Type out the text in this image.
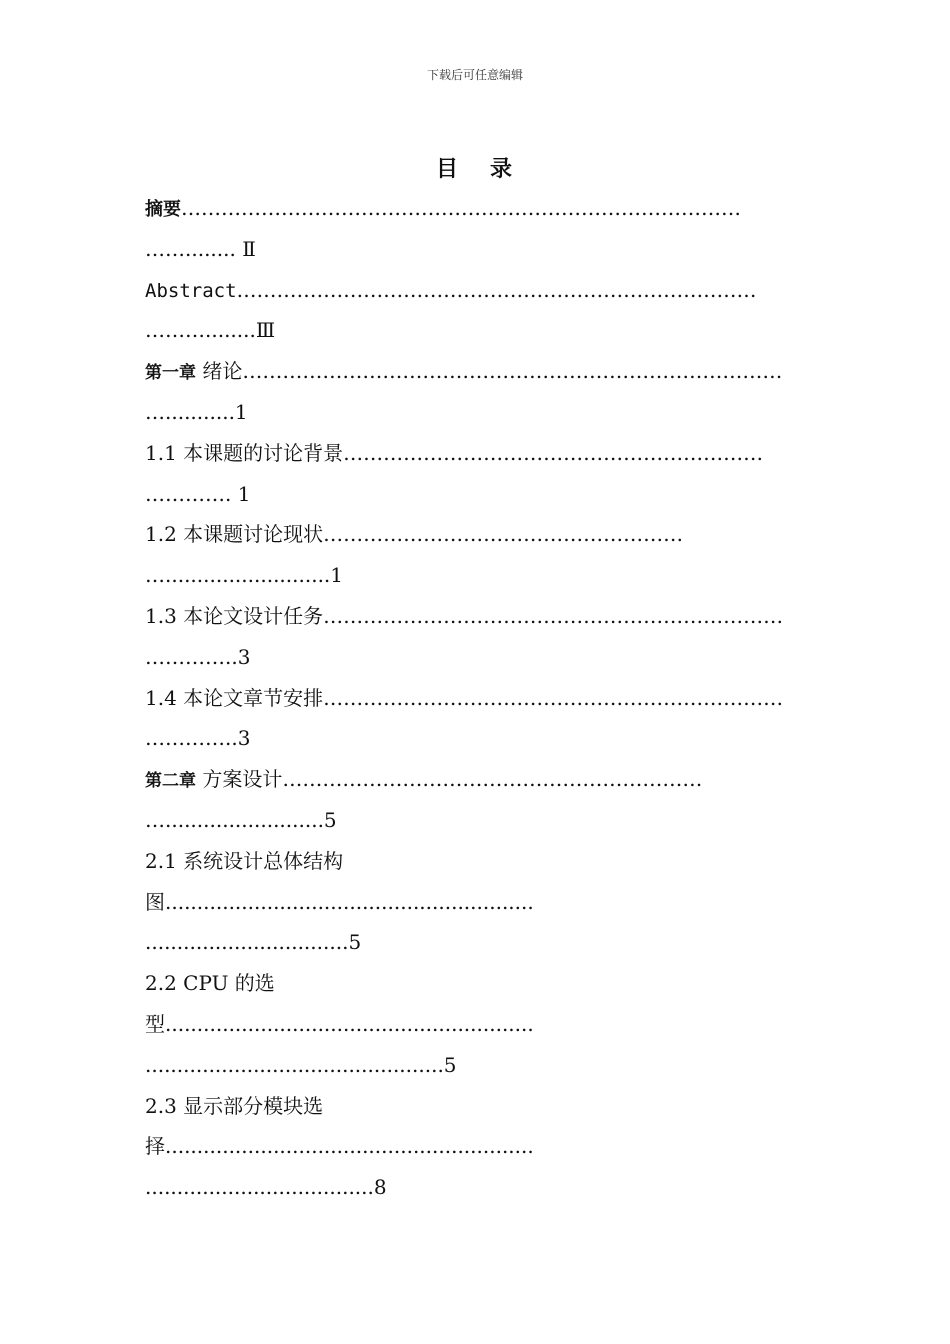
下载后可任意编辑
目 录
摘要…………………………………………………………………………
……........ Ⅱ
Abstract……………………………………………………………………
………........Ⅲ
第一章 绪论………………………………………………………………………
…...........1
1.1 本课题的讨论背景………………………………………………………
…………. 1
1.2 本课题讨论现状………………………………………………
…..........................1
1.3 本论文设计任务……………………………………………………………
…………..3
1.4 本论文章节安排……………………………………………………………
…………..3
第二章 方案设计………………………………………………………
….........................5
2.1 系统设计总体结构
图..........................................................
................................5
2.2 CPU 的选
型..........................................................
...............................................5
2.3 显示部分模块选
择..........................................................
....................................8
